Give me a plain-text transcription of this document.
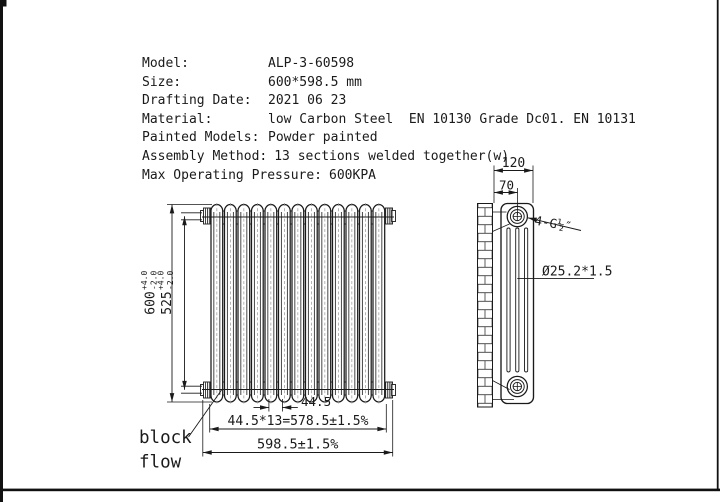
Model:	ALP-3-60598
Size:	600*598.5 mm
Drafting Date: 2021 06 23
Material:	low Carbon Steel  EN 10130 Grade Dc01. EN 10131
Painted Models: Powder painted
Assembly Method: 13 sections welded together(w)
Max Operating Pressure: 600KPA
600
+4.0 -2.0
525
+4.0 -2.0
44.5
44.5*13=578.5±1.5%
598.5±1.5%
block
flow
120
70
4-G½″
Ø25.2*1.5
